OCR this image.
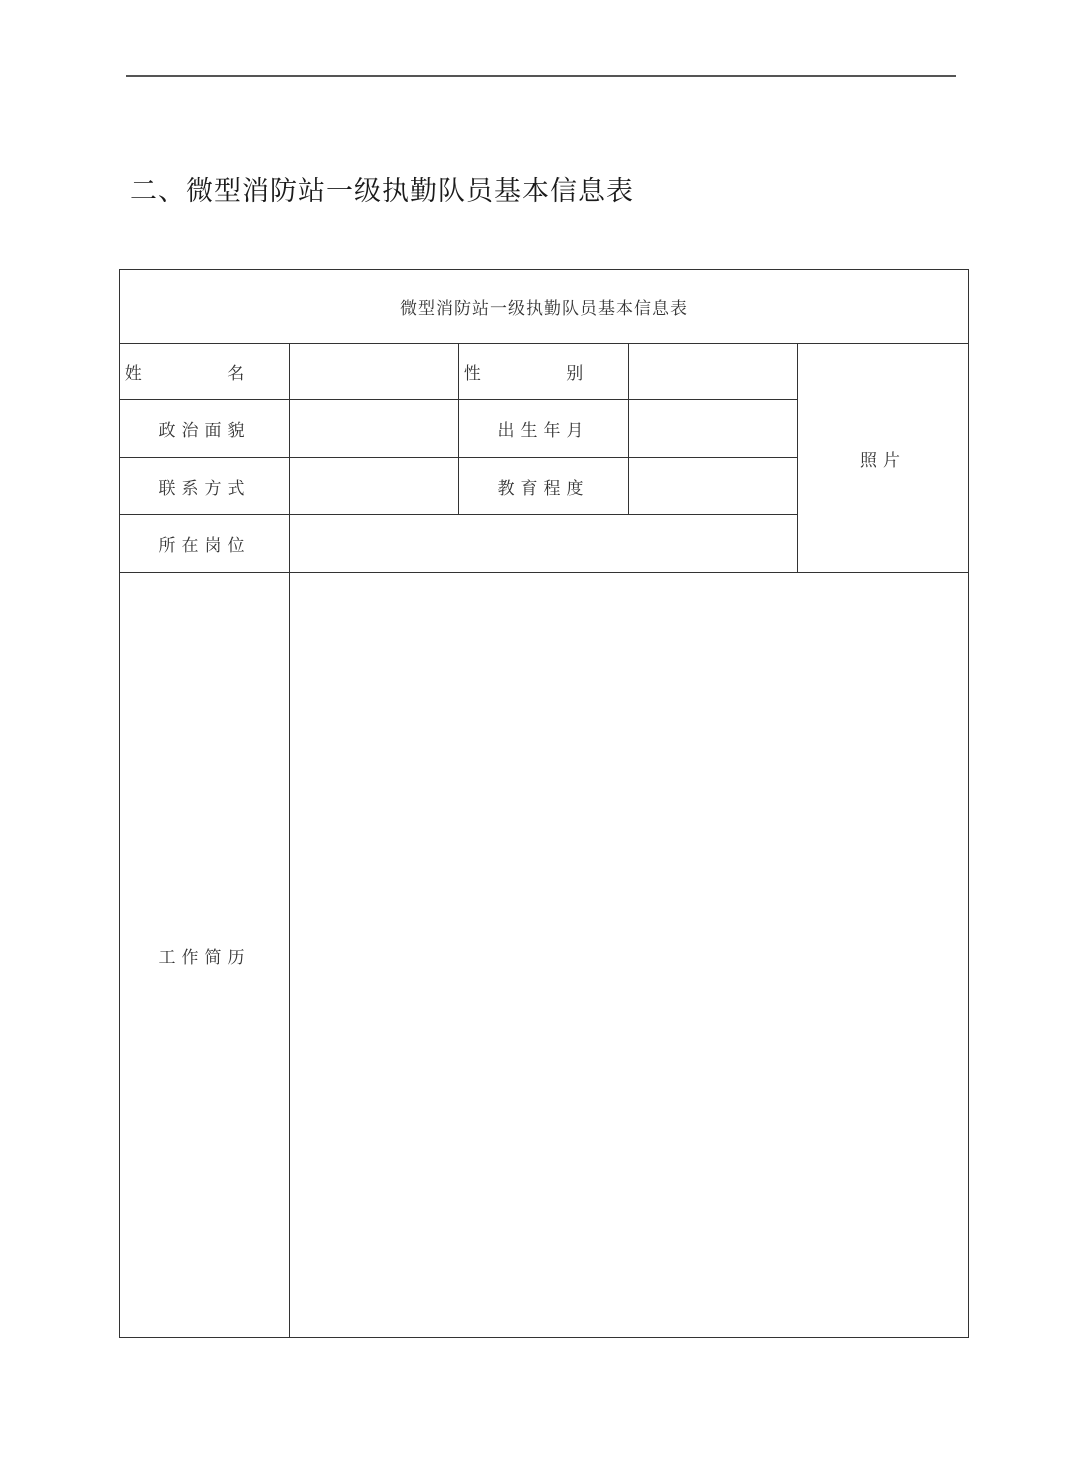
二、微型消防站一级执勤队员基本信息表
微型消防站一级执勤队员基本信息表				
姓 名		性 别		照片
政治面貌		出生年月		
联系方式		教育程度		
所在岗位				
工作简历				
